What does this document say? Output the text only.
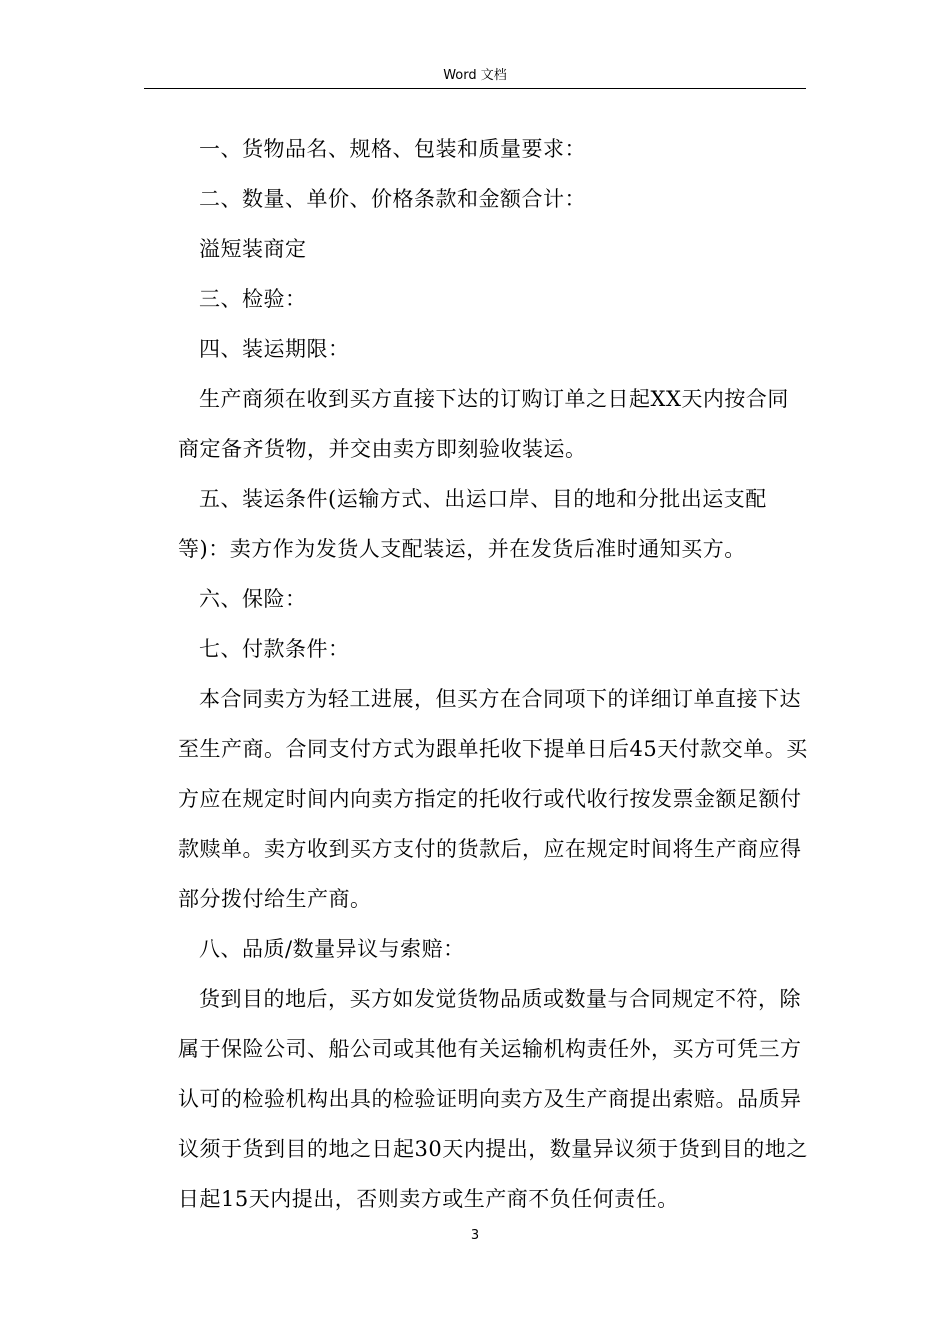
Word 文档

一、货物品名、规格、包装和质量要求：

二、数量、单价、价格条款和金额合计：

溢短装商定

三、检验：

四、装运期限：

生产商须在收到买方直接下达的订购订单之日起XX天内按合同商定备齐货物，并交由卖方即刻验收装运。

五、装运条件(运输方式、出运口岸、目的地和分批出运支配等)：卖方作为发货人支配装运，并在发货后准时通知买方。

六、保险：

七、付款条件：

本合同卖方为轻工进展，但买方在合同项下的详细订单直接下达至生产商。合同支付方式为跟单托收下提单日后45天付款交单。买方应在规定时间内向卖方指定的托收行或代收行按发票金额足额付款赎单。卖方收到买方支付的货款后，应在规定时间将生产商应得部分拨付给生产商。

八、品质/数量异议与索赔：

货到目的地后，买方如发觉货物品质或数量与合同规定不符，除属于保险公司、船公司或其他有关运输机构责任外，买方可凭三方认可的检验机构出具的检验证明向卖方及生产商提出索赔。品质异议须于货到目的地之日起30天内提出，数量异议须于货到目的地之日起15天内提出，否则卖方或生产商不负任何责任。

3
